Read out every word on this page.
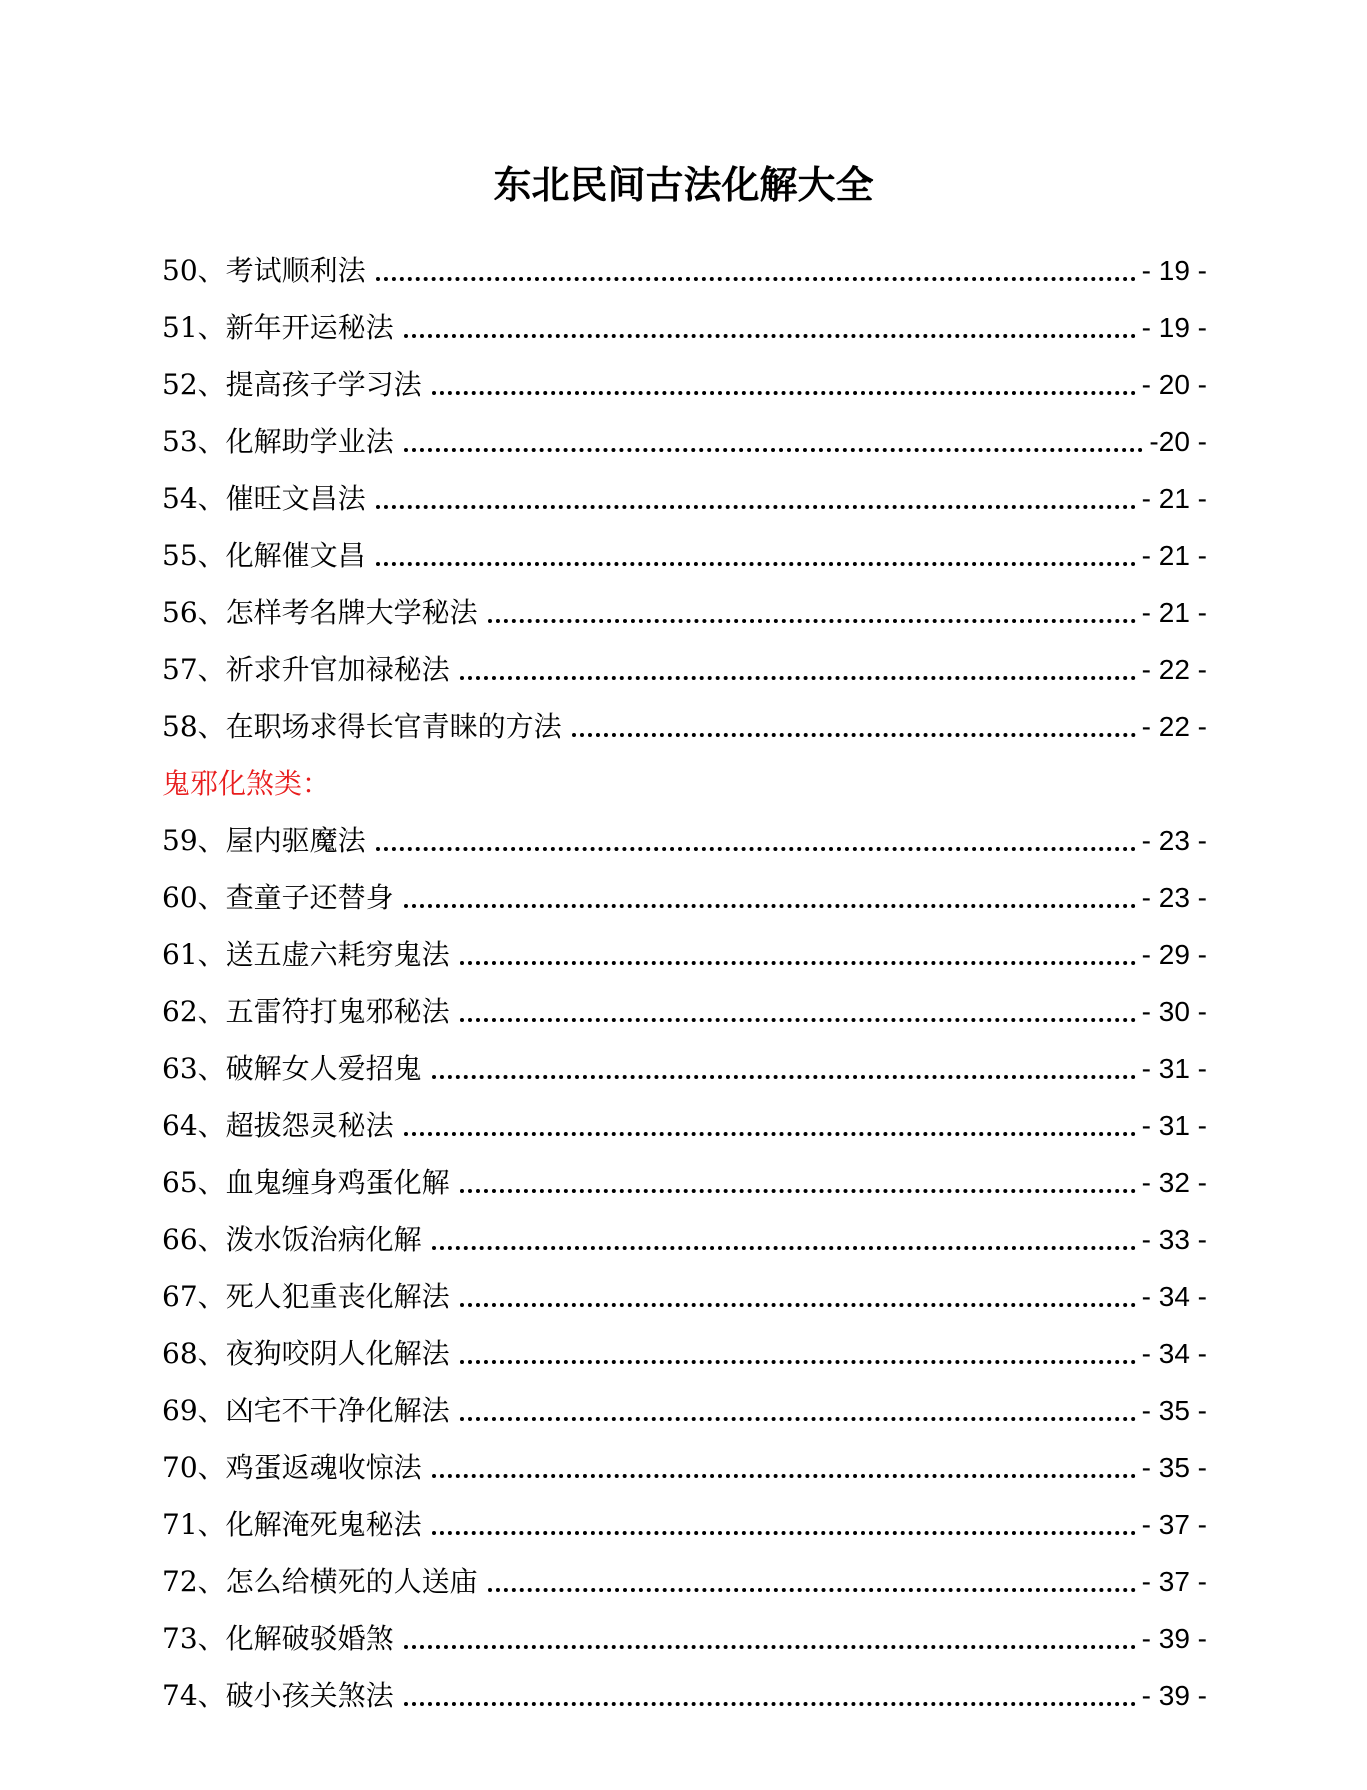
东北民间古法化解大全
50、考试顺利法	- 19 -
51、新年开运秘法	- 19 -
52、提高孩子学习法	- 20 -
53、化解助学业法	-20 -
54、催旺文昌法	- 21 -
55、化解催文昌	- 21 -
56、怎样考名牌大学秘法	- 21 -
57、祈求升官加禄秘法	- 22 -
58、在职场求得长官青睐的方法	- 22 -
鬼邪化煞类：
59、屋内驱魔法	- 23 -
60、查童子还替身	- 23 -
61、送五虚六耗穷鬼法	- 29 -
62、五雷符打鬼邪秘法	- 30 -
63、破解女人爱招鬼	- 31 -
64、超拔怨灵秘法	- 31 -
65、血鬼缠身鸡蛋化解	- 32 -
66、泼水饭治病化解	- 33 -
67、死人犯重丧化解法	- 34 -
68、夜狗咬阴人化解法	- 34 -
69、凶宅不干净化解法	- 35 -
70、鸡蛋返魂收惊法	- 35 -
71、化解淹死鬼秘法	- 37 -
72、怎么给横死的人送庙	- 37 -
73、化解破驳婚煞	- 39 -
74、破小孩关煞法	- 39 -
